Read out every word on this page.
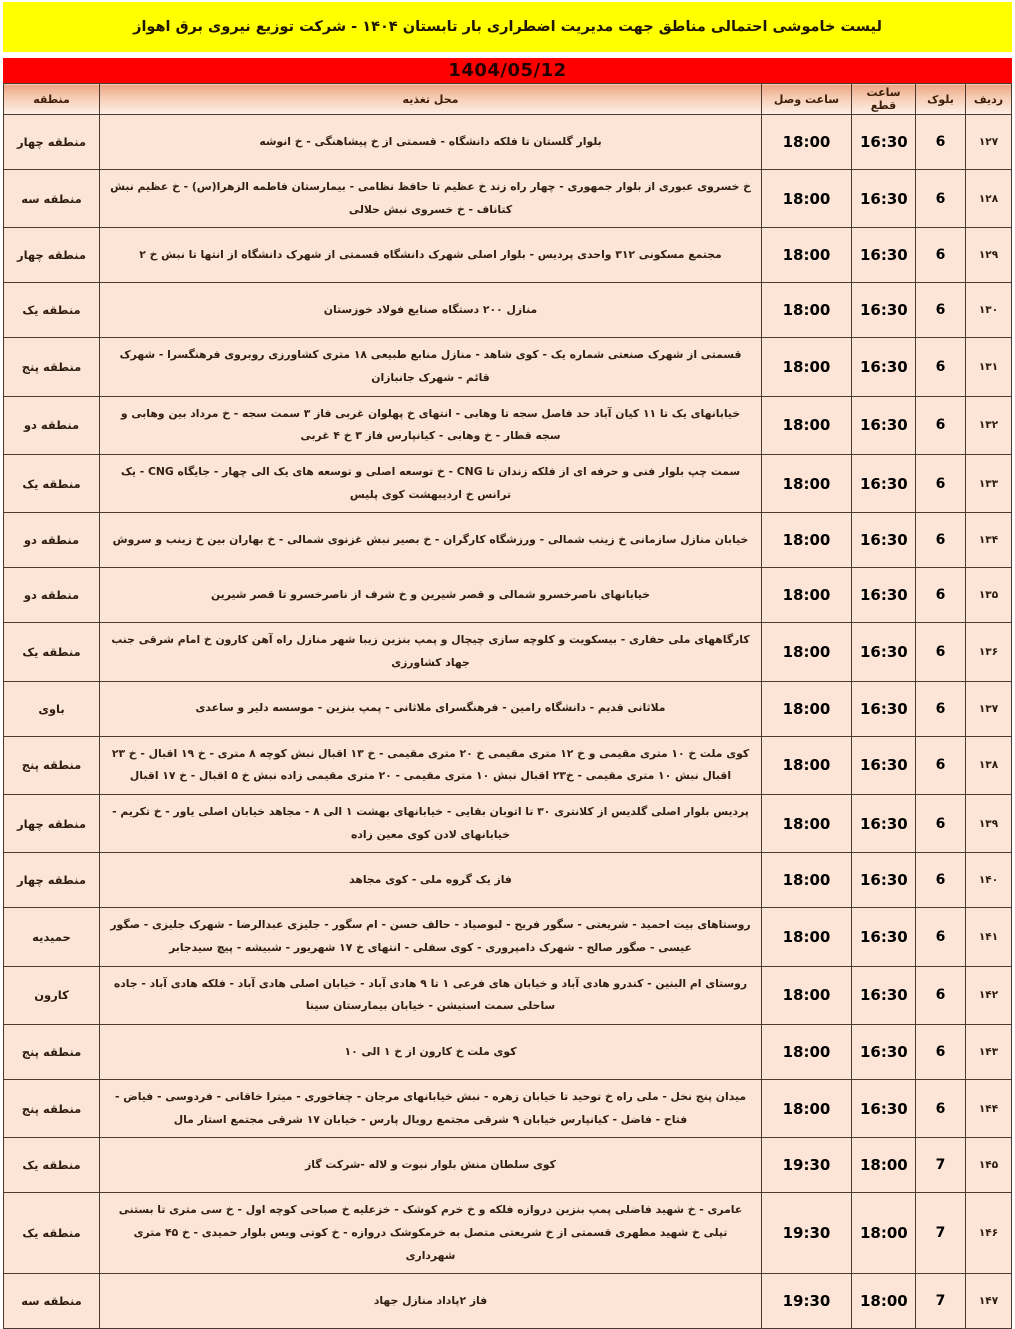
لیست خاموشی احتمالی مناطق جهت مدیریت اضطراری بار تابستان ۱۴۰۴ - شرکت توزیع نیروی برق اهواز
1404/05/12
ردیف	بلوک	ساعت قطع	ساعت وصل	محل تغذیه	منطقه
۱۲۷	6	16:30	18:00	بلوار گلستان تا فلکه دانشگاه - قسمتی از خ پیشاهنگی - خ انوشه	منطقه چهار
۱۲۸	6	16:30	18:00	خ خسروی عبوری از بلوار جمهوری - چهار راه زند خ عظیم تا حافظ نظامی - بیمارستان فاطمه الزهرا(س) - خ عظیم نبش کتاناف - خ خسروی نبش حلالی	منطقه سه
۱۲۹	6	16:30	18:00	مجتمع مسکونی ۳۱۲ واحدی پردیس - بلوار اصلی شهرک دانشگاه قسمتی از شهرک دانشگاه از انتها تا نبش خ ۲	منطقه چهار
۱۳۰	6	16:30	18:00	منازل ۲۰۰ دستگاه صنایع فولاد خوزستان	منطقه یک
۱۳۱	6	16:30	18:00	قسمتی از شهرک صنعتی شماره یک - کوی شاهد - منازل منابع طبیعی ۱۸ متری کشاورزی روبروی فرهنگسرا - شهرک قائم - شهرک جانبازان	منطقه پنج
۱۳۲	6	16:30	18:00	خیابانهای یک تا ۱۱ کیان آباد حد فاصل سجه تا وهابی - انتهای خ پهلوان غربی فاز ۳ سمت سجه - خ مرداد بین وهابی و سجه قطار - خ وهابی - کیانپارس فاز ۳ خ ۴ غربی	منطقه دو
۱۳۳	6	16:30	18:00	سمت چپ بلوار فنی و حرفه ای از فلکه زندان تا CNG - خ توسعه اصلی و توسعه های یک الی چهار - جایگاه CNG - یک ترانس خ اردیبهشت کوی پلیس	منطقه یک
۱۳۴	6	16:30	18:00	خیابان منازل سازمانی خ زینب شمالی - ورزشگاه کارگران - خ بصیر نبش غزنوی شمالی - خ بهاران بین خ زینب و سروش	منطقه دو
۱۳۵	6	16:30	18:00	خیابانهای ناصرخسرو شمالی و قصر شیرین و خ شرف از ناصرخسرو تا قصر شیرین	منطقه دو
۱۳۶	6	16:30	18:00	کارگاههای ملی حفاری - بیسکویت و کلوچه سازی چیچال و پمپ بنزین زیبا شهر منازل راه آهن کارون خ امام شرقی جنب جهاد کشاورزی	منطقه یک
۱۳۷	6	16:30	18:00	ملاثانی قدیم - دانشگاه رامین - فرهنگسرای ملاثانی - پمپ بنزین - موسسه دلیر و ساعدی	باوی
۱۳۸	6	16:30	18:00	کوی ملت خ ۱۰ متری مقیمی و خ ۱۲ متری مقیمی خ ۲۰ متری مقیمی - خ ۱۳ اقبال نبش کوچه ۸ متری - خ ۱۹ اقبال - خ ۲۳ اقبال نبش ۱۰ متری مقیمی - خ۲۳ اقبال نبش ۱۰ متری مقیمی - ۲۰ متری مقیمی زاده نبش خ ۵ اقبال - خ ۱۷ اقبال	منطقه پنج
۱۳۹	6	16:30	18:00	پردیس بلوار اصلی گلدیس از کلانتری ۳۰ تا اتوبان بقایی - خیابانهای بهشت ۱ الی ۸ - مجاهد خیابان اصلی یاور - خ تکریم - خیابانهای لادن کوی معین زاده	منطقه چهار
۱۴۰	6	16:30	18:00	فاز یک گروه ملی - کوی مجاهد	منطقه چهار
۱۴۱	6	16:30	18:00	روستاهای بیت احمید - شریعتی - سگور فریح - لبوصیاد - حالف حسن - ام سگور - جلیزی عبدالرضا - شهرک جلیزی - صگور عیسی - صگور صالح - شهرک دامپروری - کوی سفلی - انتهای خ ۱۷ شهریور - شبیشه - پیچ سیدجابر	حمیدیه
۱۴۲	6	16:30	18:00	روستای ام البنین - کندرو هادی آباد و خیابان های فرعی ۱ تا ۹ هادی آباد - خیابان اصلی هادی آباد - فلکه هادی آباد - جاده ساحلی سمت استیشن - خیابان بیمارستان سینا	کارون
۱۴۳	6	16:30	18:00	کوی ملت خ کارون از خ ۱ الی ۱۰	منطقه پنج
۱۴۴	6	16:30	18:00	میدان پنج نخل - ملی راه خ توحید تا خیابان زهره - نبش خیابانهای مرجان - چغاخوری - میترا خاقانی - فردوسی - فیاض - فتاح - فاضل - کیانپارس خیابان ۹ شرقی مجتمع رویال پارس - خیابان ۱۷ شرقی مجتمع استار مال	منطقه پنج
۱۴۵	7	18:00	19:30	کوی سلطان منش بلوار نبوت و لاله -شرکت گاز	منطقه یک
۱۴۶	7	18:00	19:30	عامری - خ شهید فاضلی پمپ بنزین دروازه فلکه و خ خرم کوشک - خزعلیه خ صباحی کوچه اول - خ سی متری تا بستنی تپلی خ شهید مطهری قسمتی از خ شریعتی متصل به خرمکوشک دروازه - خ کوتی ویس بلوار حمیدی - خ ۴۵ متری شهرداری	منطقه یک
۱۴۷	7	18:00	19:30	فاز ۲پاداد منازل جهاد	منطقه سه
